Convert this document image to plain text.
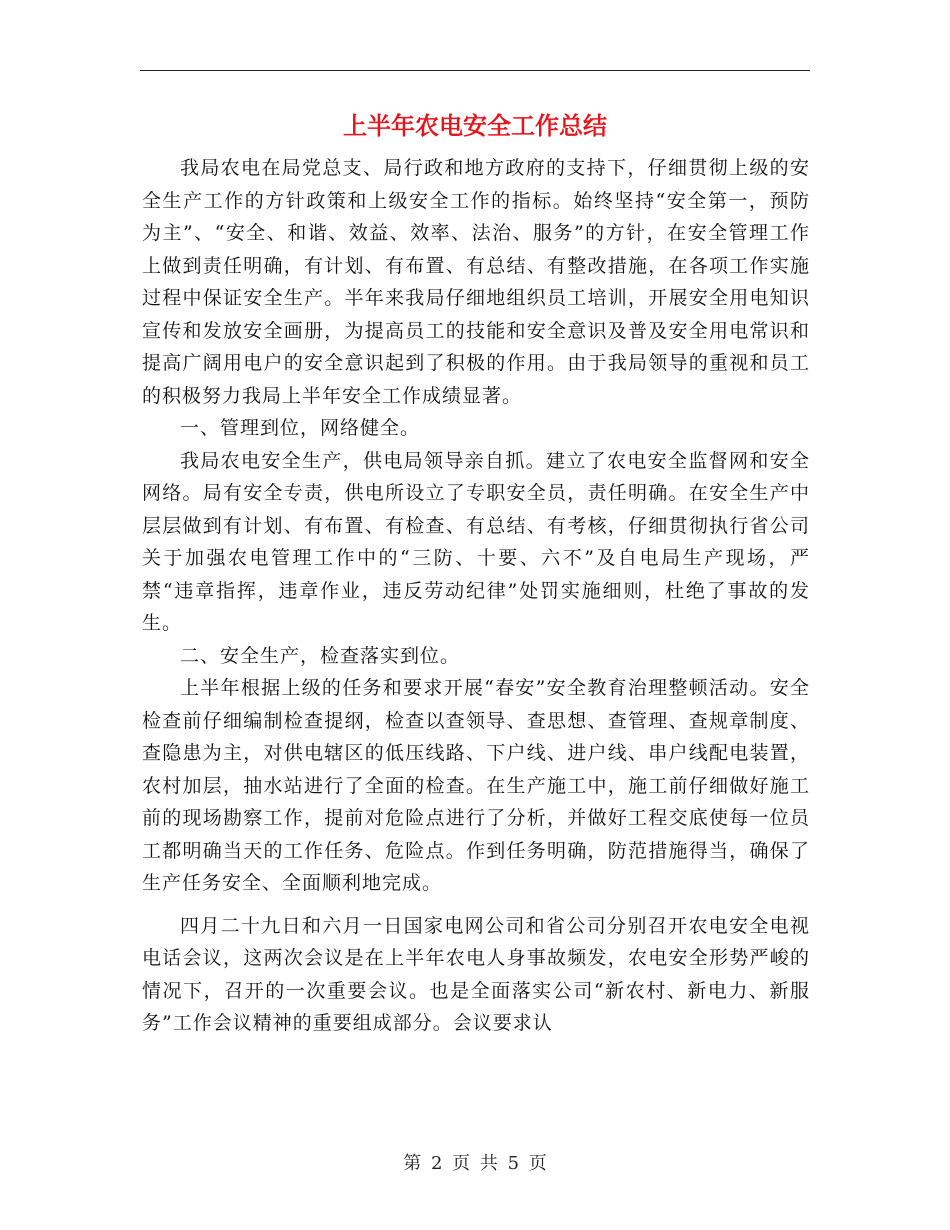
上半年农电安全工作总结

我局农电在局党总支、局行政和地方政府的支持下，仔细贯彻上级的安全生产工作的方针政策和上级安全工作的指标。始终坚持“安全第一，预防为主”、“安全、和谐、效益、效率、法治、服务”的方针，在安全管理工作上做到责任明确，有计划、有布置、有总结、有整改措施，在各项工作实施过程中保证安全生产。半年来我局仔细地组织员工培训，开展安全用电知识宣传和发放安全画册，为提高员工的技能和安全意识及普及安全用电常识和提高广阔用电户的安全意识起到了积极的作用。由于我局领导的重视和员工的积极努力我局上半年安全工作成绩显著。

一、管理到位，网络健全。

我局农电安全生产，供电局领导亲自抓。建立了农电安全监督网和安全网络。局有安全专责，供电所设立了专职安全员，责任明确。在安全生产中层层做到有计划、有布置、有检查、有总结、有考核，仔细贯彻执行省公司关于加强农电管理工作中的“三防、十要、六不”及自电局生产现场，严禁“违章指挥，违章作业，违反劳动纪律”处罚实施细则，杜绝了事故的发生。

二、安全生产，检查落实到位。

上半年根据上级的任务和要求开展“春安”安全教育治理整顿活动。安全检查前仔细编制检查提纲，检查以查领导、查思想、查管理、查规章制度、查隐患为主，对供电辖区的低压线路、下户线、进户线、串户线配电装置，农村加层，抽水站进行了全面的检查。在生产施工中，施工前仔细做好施工前的现场勘察工作，提前对危险点进行了分析，并做好工程交底使每一位员工都明确当天的工作任务、危险点。作到任务明确，防范措施得当，确保了生产任务安全、全面顺利地完成。

四月二十九日和六月一日国家电网公司和省公司分别召开农电安全电视电话会议，这两次会议是在上半年农电人身事故频发，农电安全形势严峻的情况下，召开的一次重要会议。也是全面落实公司“新农村、新电力、新服务”工作会议精神的重要组成部分。会议要求认

第 2 页 共 5 页
